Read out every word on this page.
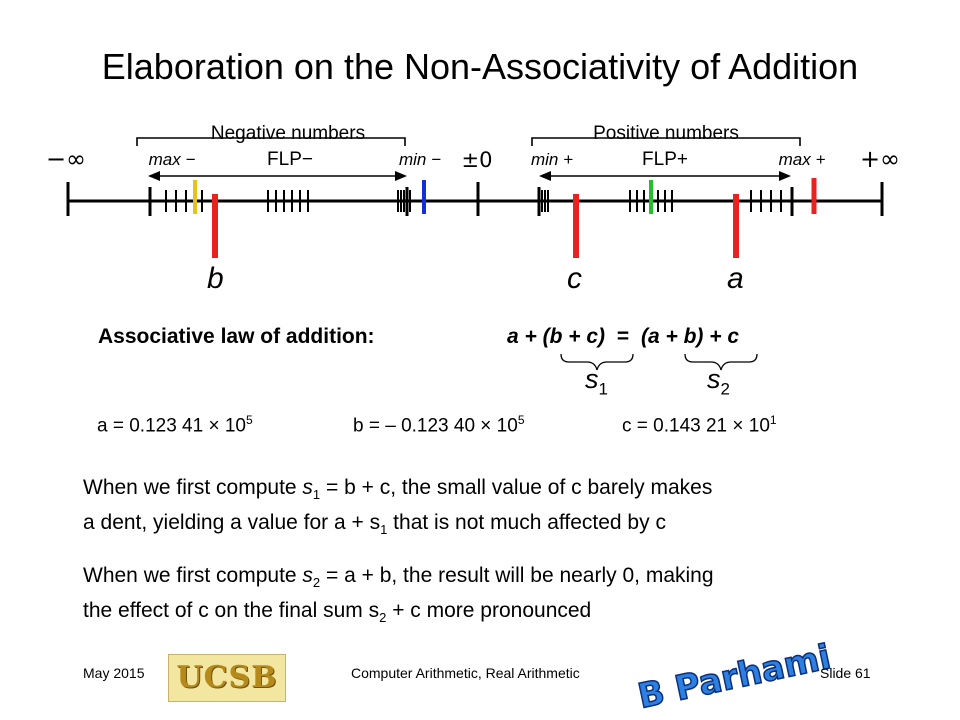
Elaboration on the Non-Associativity of Addition
Negative numbers	Positive numbers
−∞	max −	FLP−	min − ±0 min +	FLP+	max + +∞
b	c	a
Associative law of addition:	a + (b + c) = (a + b) + c
$s_1$	$s_2$
a = 0.123 $41 \times 10^5$	b = – 0.123 $40 \times 10^5$	c = 0.143 $21 \times 10^1$
When we first compute $s_1 = b + c$, the small value of c barely makes
a dent, yielding a value for $a + s_1$ that is not much affected by c
When we first compute $s_2 = a + b$, the result will be nearly 0, making
the effect of c on the final sum $s_2 + c$ more pronounced
May 2015 UCSB	Computer Arithmetic, Real Arithmetic B Parhami
Slide 61
